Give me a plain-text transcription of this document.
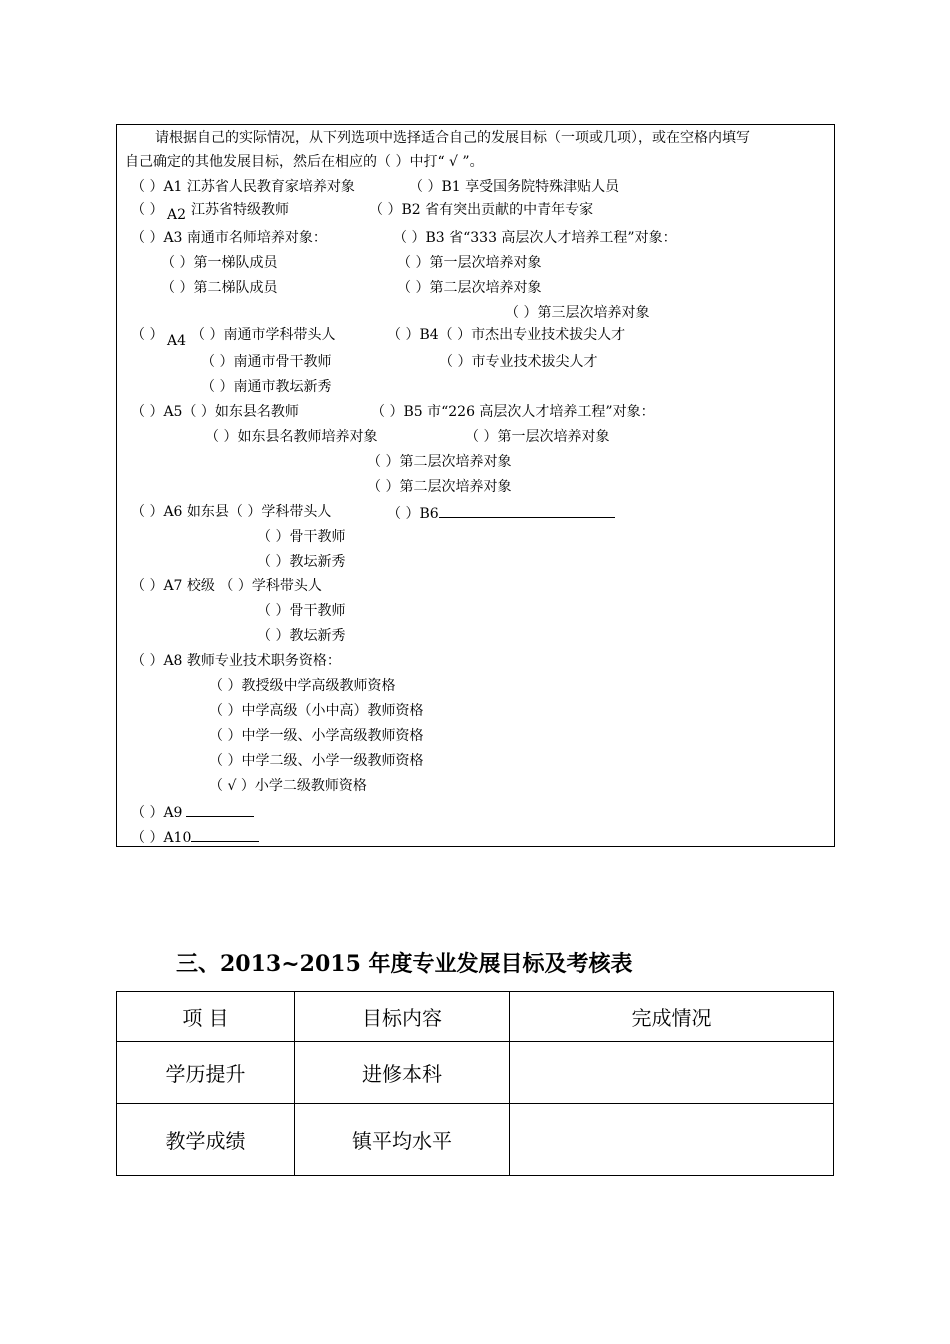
请根据自己的实际情况，从下列选项中选择适合自己的发展目标（一项或几项），或在空格内填写
自己确定的其他发展目标，然后在相应的（ ）中打“ √ ”。
（ ）A1 江苏省人民教育家培养对象	（ ）B1 享受国务院特殊津贴人员
（ ） A2 江苏省特级教师	（ ）B2 省有突出贡献的中青年专家
（ ）A3 南通市名师培养对象：	（ ）B3 省“333 高层次人才培养工程”对象：
（ ）第一梯队成员	（ ）第一层次培养对象
（ ）第二梯队成员	（ ）第二层次培养对象
（ ）第三层次培养对象
（ ） A4 （ ）南通市学科带头人	（ ）B4（ ）市杰出专业技术拔尖人才
（ ）南通市骨干教师	（ ）市专业技术拔尖人才
（ ）南通市教坛新秀
（ ）A5（ ）如东县名教师	（ ）B5 市“226 高层次人才培养工程”对象：
（ ）如东县名教师培养对象	（ ）第一层次培养对象
（ ）第二层次培养对象
（ ）第二层次培养对象
（ ）A6 如东县（ ）学科带头人	（ ）B6
（ ）骨干教师
（ ）教坛新秀
（ ）A7 校级 （ ）学科带头人
（ ）骨干教师
（ ）教坛新秀
（ ）A8 教师专业技术职务资格：
（ ）教授级中学高级教师资格
（ ）中学高级（小中高）教师资格
（ ）中学一级、小学高级教师资格
（ ）中学二级、小学一级教师资格
（ √ ）小学二级教师资格
（ ）A9
（ ）A10
三、2013~2015 年度专业发展目标及考核表
项 目	目标内容	完成情况
学历提升	进修本科	
教学成绩	镇平均水平	
